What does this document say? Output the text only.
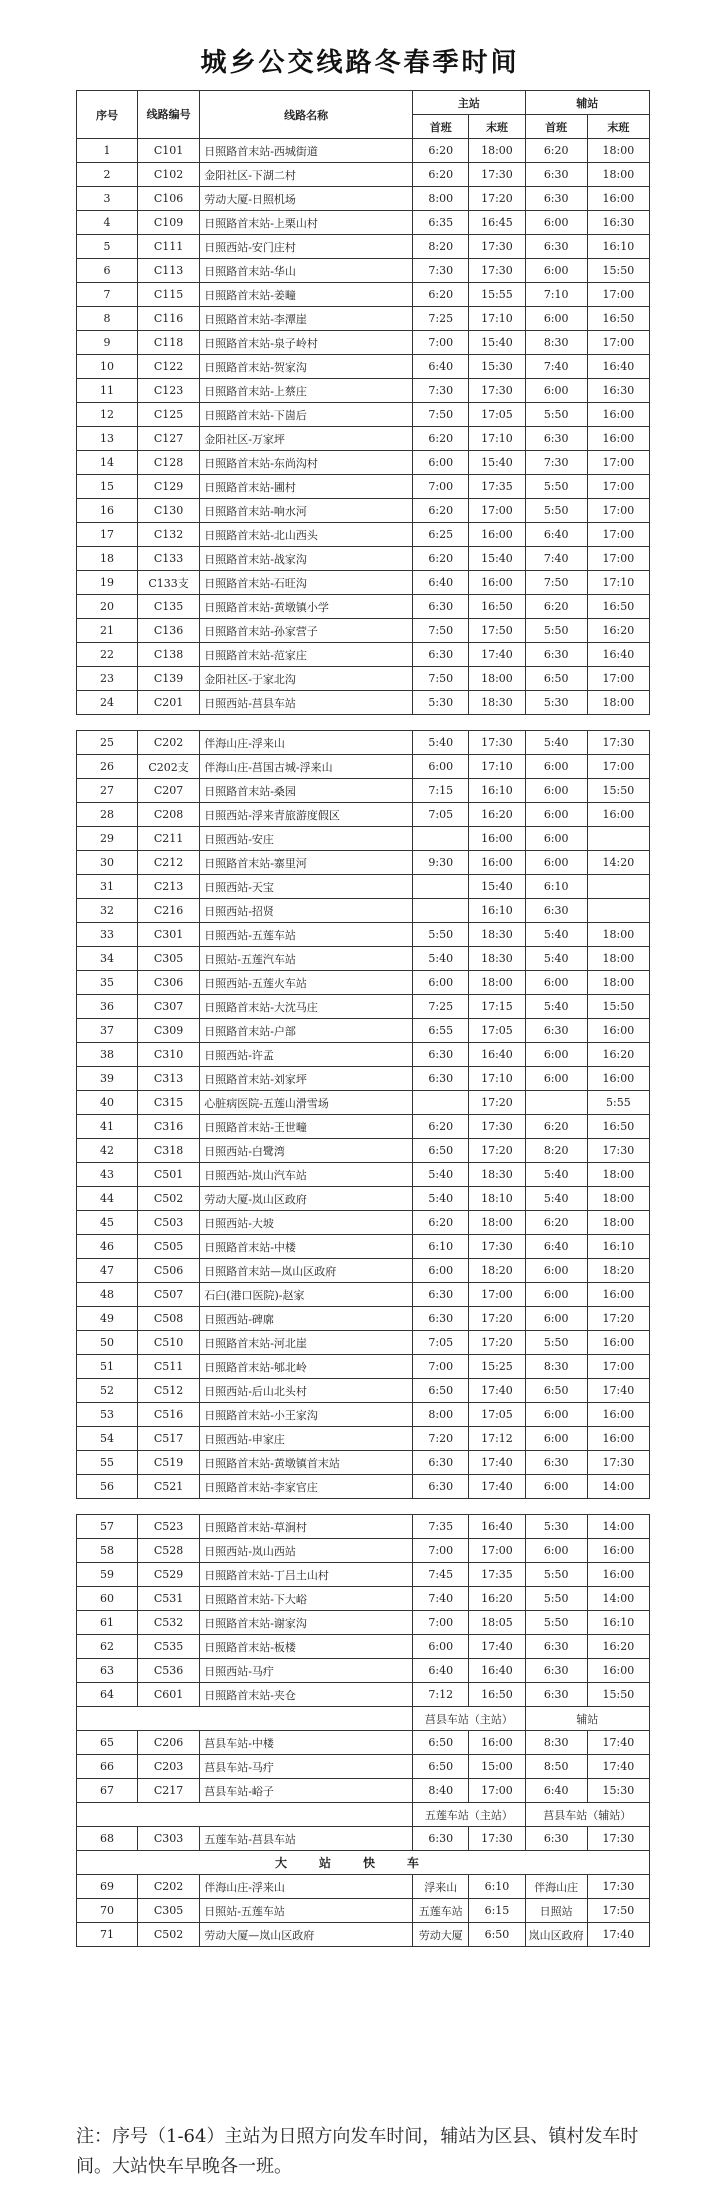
城乡公交线路冬春季时间
序号	线路编号	线路名称	主站		辅站	
			首班	末班	首班	末班
1	C101	日照路首末站-西城街道	6:20	18:00	6:20	18:00
2	C102	金阳社区-下湖二村	6:20	17:30	6:30	18:00
3	C106	劳动大厦-日照机场	8:00	17:20	6:30	16:00
4	C109	日照路首末站-上栗山村	6:35	16:45	6:00	16:30
5	C111	日照西站-安门庄村	8:20	17:30	6:30	16:10
6	C113	日照路首末站-华山	7:30	17:30	6:00	15:50
7	C115	日照路首末站-姜疃	6:20	15:55	7:10	17:00
8	C116	日照路首末站-李潭崖	7:25	17:10	6:00	16:50
9	C118	日照路首末站-泉子岭村	7:00	15:40	8:30	17:00
10	C122	日照路首末站-贺家沟	6:40	15:30	7:40	16:40
11	C123	日照路首末站-上蔡庄	7:30	17:30	6:00	16:30
12	C125	日照路首末站-下崮后	7:50	17:05	5:50	16:00
13	C127	金阳社区-万家坪	6:20	17:10	6:30	16:00
14	C128	日照路首末站-东尚沟村	6:00	15:40	7:30	17:00
15	C129	日照路首末站-圃村	7:00	17:35	5:50	17:00
16	C130	日照路首末站-响水河	6:20	17:00	5:50	17:00
17	C132	日照路首末站-北山西头	6:25	16:00	6:40	17:00
18	C133	日照路首末站-战家沟	6:20	15:40	7:40	17:00
19	C133支	日照路首末站-石旺沟	6:40	16:00	7:50	17:10
20	C135	日照路首末站-黄墩镇小学	6:30	16:50	6:20	16:50
21	C136	日照路首末站-孙家营子	7:50	17:50	5:50	16:20
22	C138	日照路首末站-范家庄	6:30	17:40	6:30	16:40
23	C139	金阳社区-于家北沟	7:50	18:00	6:50	17:00
24	C201	日照西站-莒县车站	5:30	18:30	5:30	18:00

25	C202	伴海山庄-浮来山	5:40	17:30	5:40	17:30
26	C202支	伴海山庄-莒国古城-浮来山	6:00	17:10	6:00	17:00
27	C207	日照路首末站-桑园	7:15	16:10	6:00	15:50
28	C208	日照西站-浮来青旅游度假区	7:05	16:20	6:00	16:00
29	C211	日照西站-安庄		16:00	6:00	
30	C212	日照路首末站-寨里河	9:30	16:00	6:00	14:20
31	C213	日照西站-天宝		15:40	6:10	
32	C216	日照西站-招贤		16:10	6:30	
33	C301	日照西站-五莲车站	5:50	18:30	5:40	18:00
34	C305	日照站-五莲汽车站	5:40	18:30	5:40	18:00
35	C306	日照西站-五莲火车站	6:00	18:00	6:00	18:00
36	C307	日照路首末站-大沈马庄	7:25	17:15	5:40	15:50
37	C309	日照路首末站-户部	6:55	17:05	6:30	16:00
38	C310	日照西站-许孟	6:30	16:40	6:00	16:20
39	C313	日照路首末站-刘家坪	6:30	17:10	6:00	16:00
40	C315	心脏病医院-五莲山滑雪场		17:20		5:55
41	C316	日照路首末站-王世疃	6:20	17:30	6:20	16:50
42	C318	日照西站-白鹭湾	6:50	17:20	8:20	17:30
43	C501	日照西站-岚山汽车站	5:40	18:30	5:40	18:00
44	C502	劳动大厦-岚山区政府	5:40	18:10	5:40	18:00
45	C503	日照西站-大坡	6:20	18:00	6:20	18:00
46	C505	日照路首末站-中楼	6:10	17:30	6:40	16:10
47	C506	日照路首末站—岚山区政府	6:00	18:20	6:00	18:20
48	C507	石臼(港口医院)-赵家	6:30	17:00	6:00	16:00
49	C508	日照西站-碑廓	6:30	17:20	6:00	17:20
50	C510	日照路首末站-河北崖	7:05	17:20	5:50	16:00
51	C511	日照路首末站-郇北岭	7:00	15:25	8:30	17:00
52	C512	日照西站-后山北头村	6:50	17:40	6:50	17:40
53	C516	日照路首末站-小王家沟	8:00	17:05	6:00	16:00
54	C517	日照西站-申家庄	7:20	17:12	6:00	16:00
55	C519	日照路首末站-黄墩镇首末站	6:30	17:40	6:30	17:30
56	C521	日照路首末站-李家官庄	6:30	17:40	6:00	14:00

57	C523	日照路首末站-草涧村	7:35	16:40	5:30	14:00
58	C528	日照西站-岚山西站	7:00	17:00	6:00	16:00
59	C529	日照路首末站-丁吕土山村	7:45	17:35	5:50	16:00
60	C531	日照路首末站-下大峪	7:40	16:20	5:50	14:00
61	C532	日照路首末站-谢家沟	7:00	18:05	5:50	16:10
62	C535	日照路首末站-板楼	6:00	17:40	6:30	16:20
63	C536	日照西站-马疔	6:40	16:40	6:30	16:00
64	C601	日照路首末站-夹仓	7:12	16:50	6:30	15:50
			莒县车站（主站）		辅站	
65	C206	莒县车站-中楼	6:50	16:00	8:30	17:40
66	C203	莒县车站-马疔	6:50	15:00	8:50	17:40
67	C217	莒县车站-峪子	8:40	17:00	6:40	15:30
			五莲车站（主站）		莒县车站（辅站）	
68	C303	五莲车站-莒县车站	6:30	17:30	6:30	17:30
大站快车						
69	C202	伴海山庄-浮来山	浮来山	6:10	伴海山庄	17:30
70	C305	日照站-五莲车站	五莲车站	6:15	日照站	17:50
71	C502	劳动大厦—岚山区政府	劳动大厦	6:50	岚山区政府	17:40
注：序号（1-64）主站为日照方向发车时间，辅站为区县、镇村发车时间。大站快车早晚各一班。
